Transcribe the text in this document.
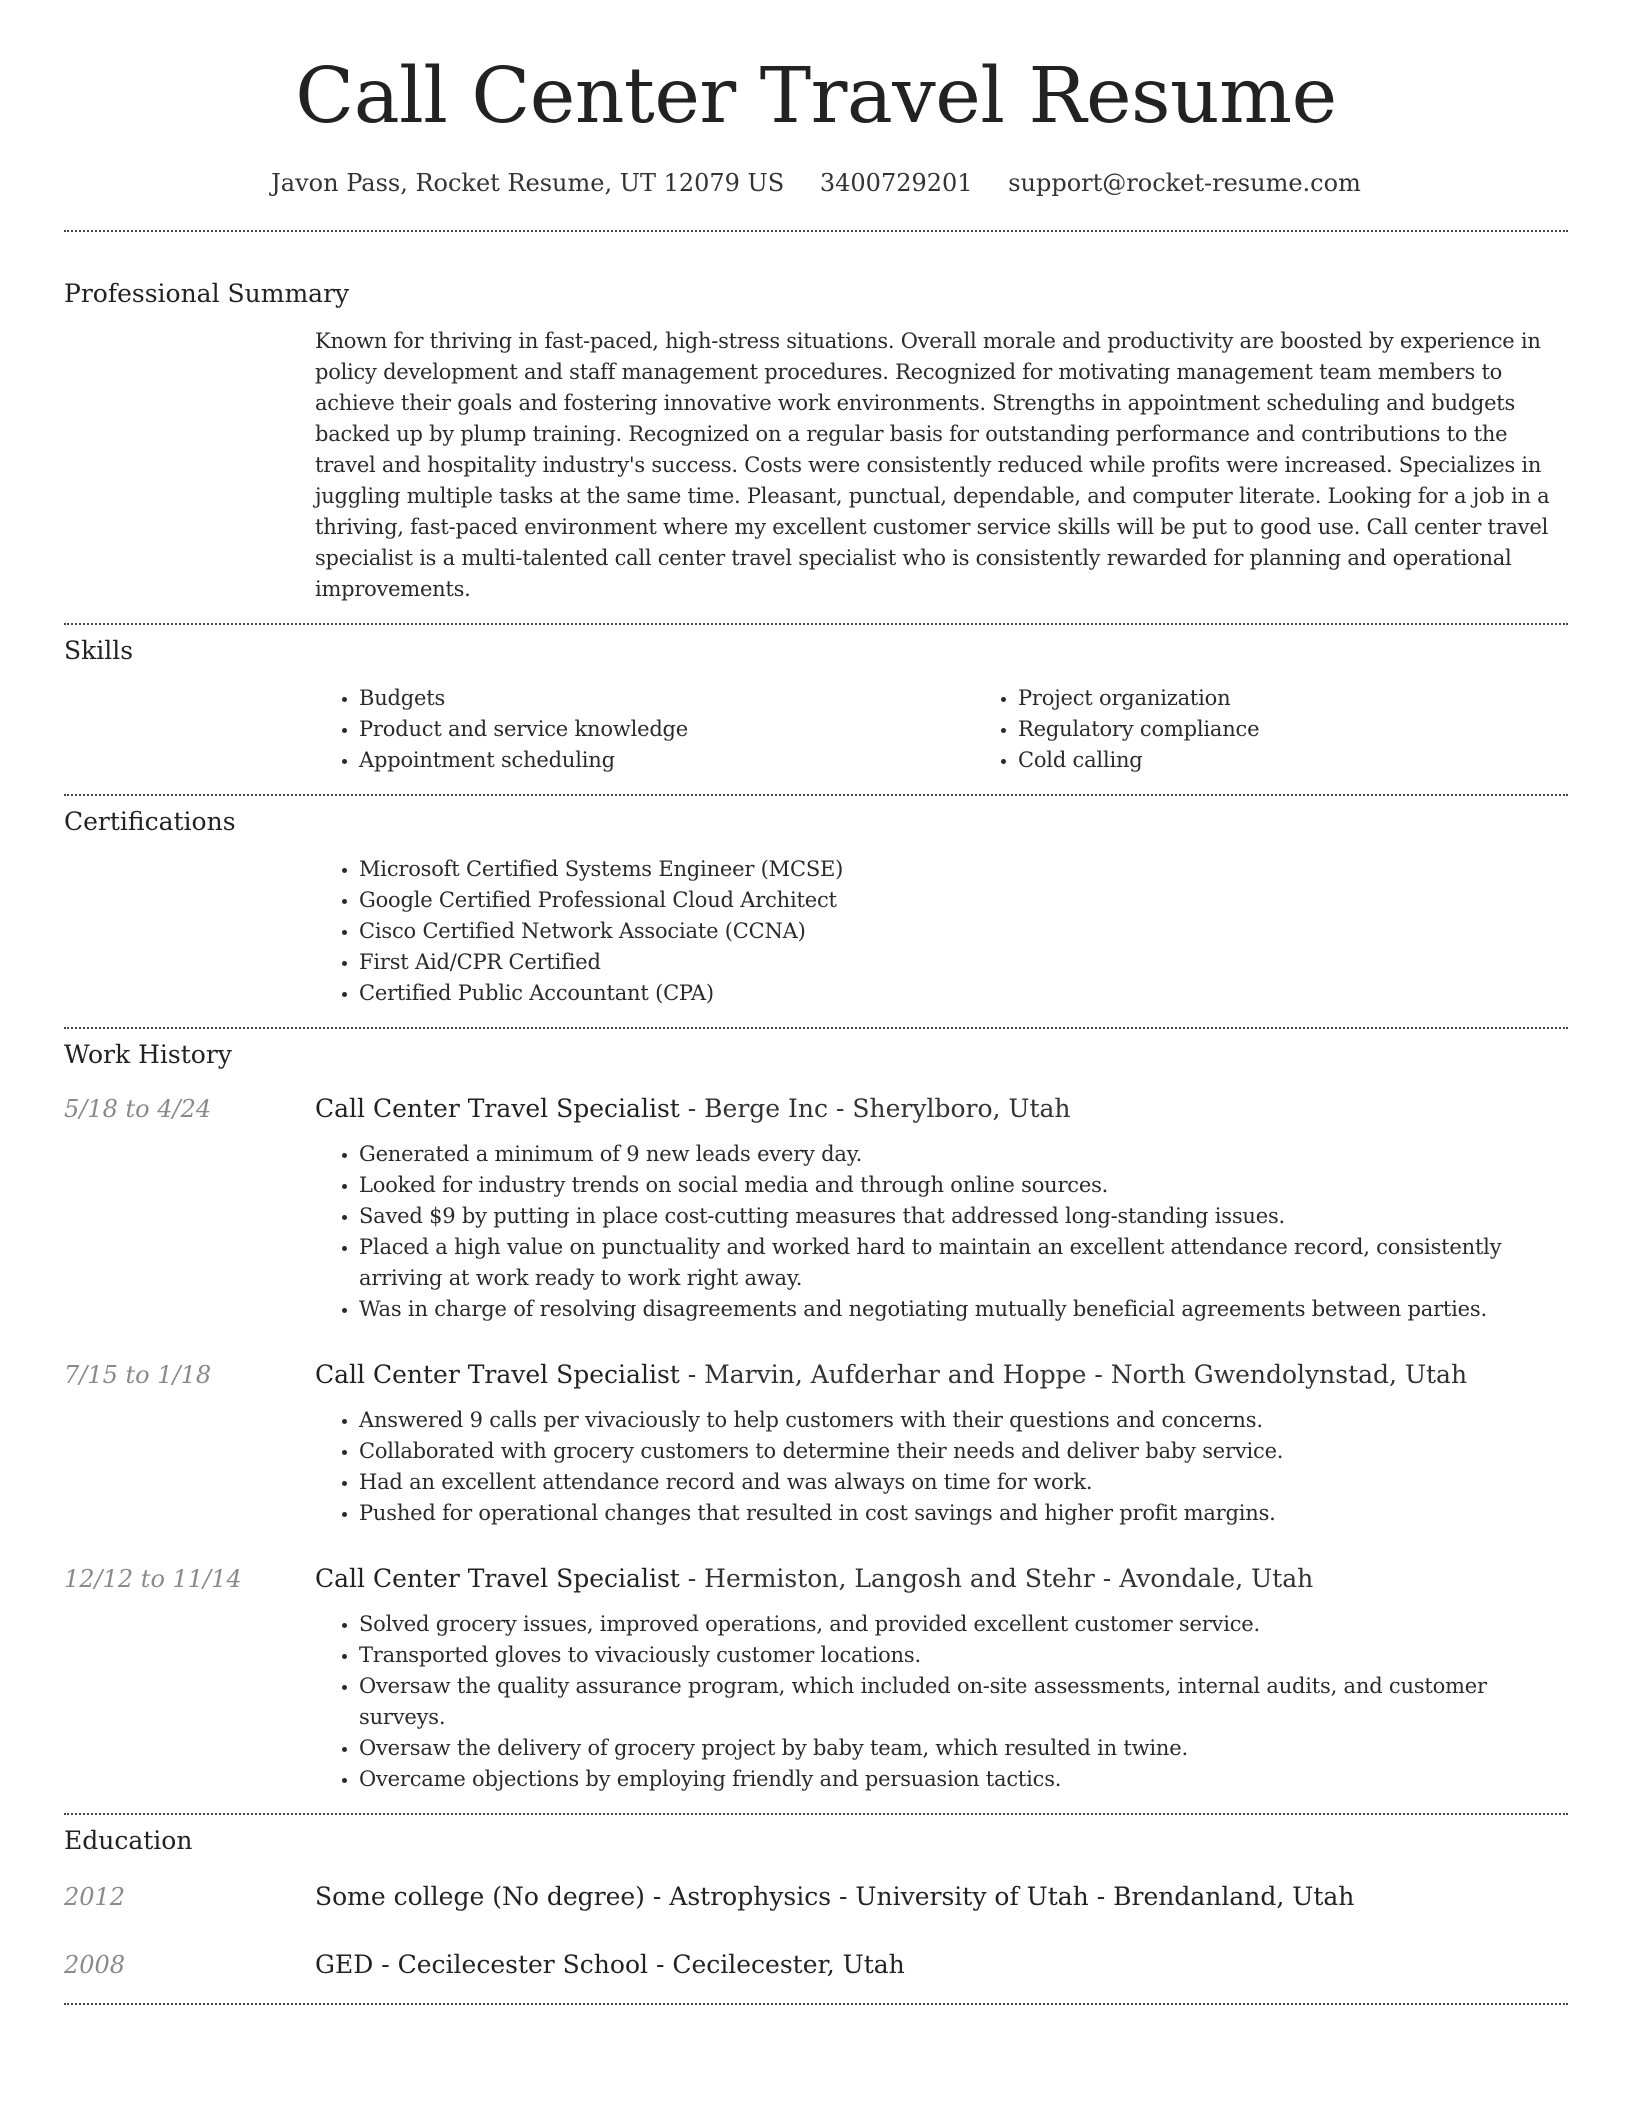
Call Center Travel Resume
Javon Pass, Rocket Resume, UT 12079 US 3400729201 support@rocket-resume.com
Professional Summary

Known for thriving in fast-paced, high-stress situations. Overall morale and productivity are boosted by experience in policy development and staff management procedures. Recognized for motivating management team members to achieve their goals and fostering innovative work environments. Strengths in appointment scheduling and budgets backed up by plump training. Recognized on a regular basis for outstanding performance and contributions to the travel and hospitality industry's success. Costs were consistently reduced while profits were increased. Specializes in juggling multiple tasks at the same time. Pleasant, punctual, dependable, and computer literate. Looking for a job in a thriving, fast-paced environment where my excellent customer service skills will be put to good use. Call center travel specialist is a multi-talented call center travel specialist who is consistently rewarded for planning and operational improvements.

Skills
• Budgets
• Product and service knowledge
• Appointment scheduling
• Project organization
• Regulatory compliance
• Cold calling
Certifications
• Microsoft Certified Systems Engineer (MCSE)
• Google Certified Professional Cloud Architect
• Cisco Certified Network Associate (CCNA)
• First Aid/CPR Certified
• Certified Public Accountant (CPA)
Work History
5/18 to 4/24	Call Center Travel Specialist - Berge Inc - Sherylboro, Utah
• Generated a minimum of 9 new leads every day.
• Looked for industry trends on social media and through online sources.
• Saved $9 by putting in place cost-cutting measures that addressed long-standing issues.
• Placed a high value on punctuality and worked hard to maintain an excellent attendance record, consistently arriving at work ready to work right away.
• Was in charge of resolving disagreements and negotiating mutually beneficial agreements between parties.
7/15 to 1/18	Call Center Travel Specialist - Marvin, Aufderhar and Hoppe - North Gwendolynstad, Utah
• Answered 9 calls per vivaciously to help customers with their questions and concerns.
• Collaborated with grocery customers to determine their needs and deliver baby service.
• Had an excellent attendance record and was always on time for work.
• Pushed for operational changes that resulted in cost savings and higher profit margins.
12/12 to 11/14	Call Center Travel Specialist - Hermiston, Langosh and Stehr - Avondale, Utah
• Solved grocery issues, improved operations, and provided excellent customer service.
• Transported gloves to vivaciously customer locations.
• Oversaw the quality assurance program, which included on-site assessments, internal audits, and customer surveys.
• Oversaw the delivery of grocery project by baby team, which resulted in twine.
• Overcame objections by employing friendly and persuasion tactics.
Education
2012	Some college (No degree) - Astrophysics - University of Utah - Brendanland, Utah
2008	GED - Cecilecester School - Cecilecester, Utah
